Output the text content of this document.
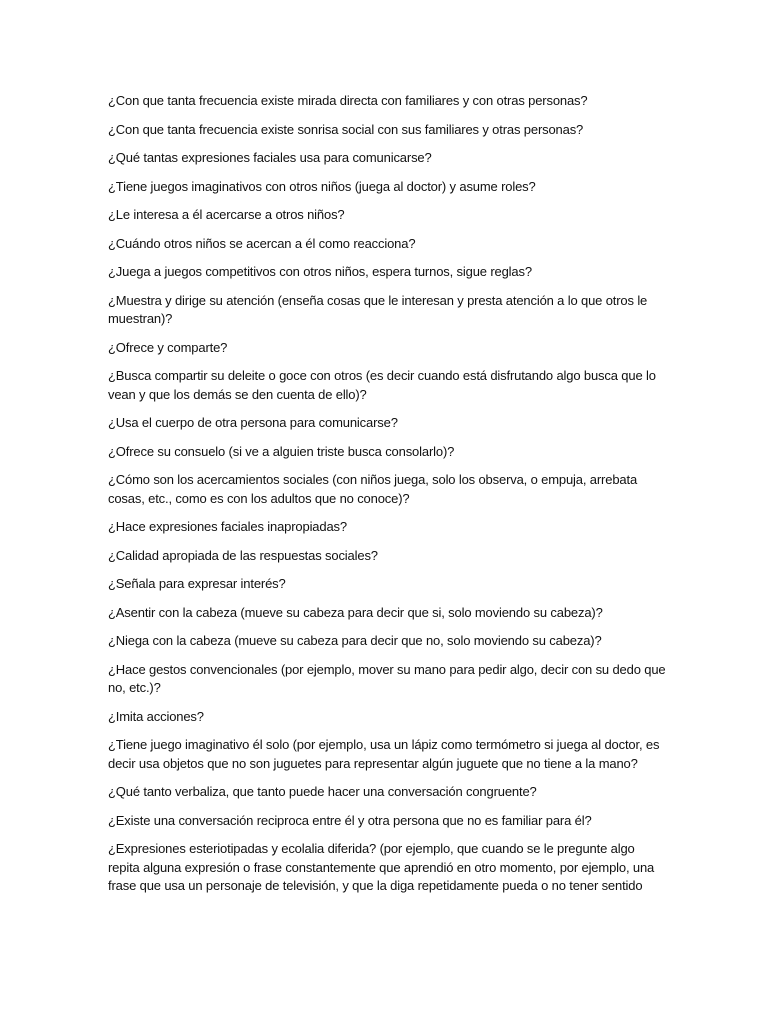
¿Con que tanta frecuencia existe mirada directa con familiares y con otras personas?
¿Con que tanta frecuencia existe sonrisa social con sus familiares y otras personas?
¿Qué tantas expresiones faciales usa para comunicarse?
¿Tiene juegos imaginativos con otros niños (juega al doctor) y asume roles?
¿Le interesa a él acercarse a otros niños?
¿Cuándo otros niños se acercan a él como reacciona?
¿Juega a juegos competitivos con otros niños, espera turnos, sigue reglas?
¿Muestra y dirige su atención (enseña cosas que le interesan y presta atención a lo que otros le muestran)?
¿Ofrece y comparte?
¿Busca compartir su deleite o goce con otros (es decir cuando está disfrutando algo busca que lo vean y que los demás se den cuenta de ello)?
¿Usa el cuerpo de otra persona para comunicarse?
¿Ofrece su consuelo (si ve a alguien triste busca consolarlo)?
¿Cómo son los acercamientos sociales (con niños juega, solo los observa, o empuja, arrebata cosas, etc., como es con los adultos que no conoce)?
¿Hace expresiones faciales inapropiadas?
¿Calidad apropiada de las respuestas sociales?
¿Señala para expresar interés?
¿Asentir con la cabeza (mueve su cabeza para decir que si, solo moviendo su cabeza)?
¿Niega con la cabeza (mueve su cabeza para decir que no, solo moviendo su cabeza)?
¿Hace gestos convencionales (por ejemplo, mover su mano para pedir algo, decir con su dedo que no, etc.)?
¿Imita acciones?
¿Tiene juego imaginativo él solo (por ejemplo, usa un lápiz como termómetro si juega al doctor, es decir usa objetos que no son juguetes para representar algún juguete que no tiene a la mano?
¿Qué tanto verbaliza, que tanto puede hacer una conversación congruente?
¿Existe una conversación reciproca entre él y otra persona que no es familiar para él?
¿Expresiones esteriotipadas y ecolalia diferida? (por ejemplo, que cuando se le pregunte algo repita alguna expresión o frase constantemente que aprendió en otro momento, por ejemplo, una frase que usa un personaje de televisión, y que la diga repetidamente pueda o no tener sentido
